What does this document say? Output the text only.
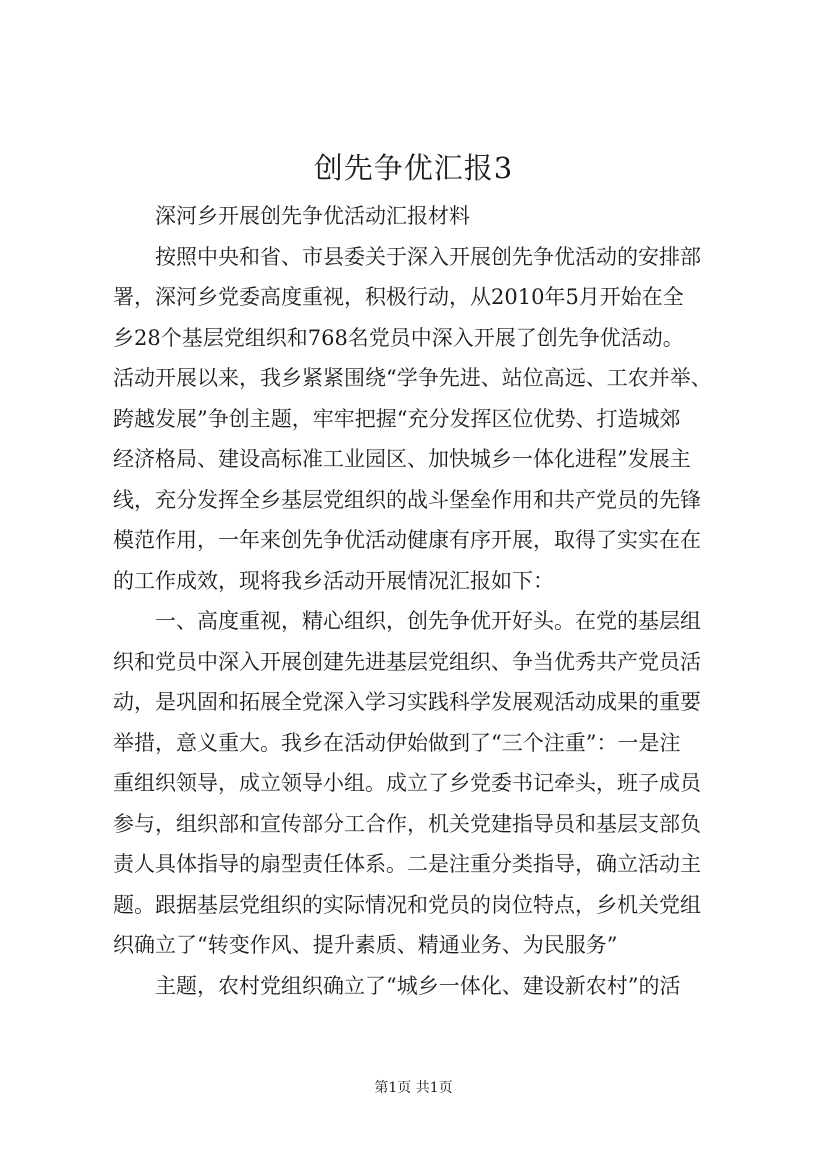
创先争优汇报3
深河乡开展创先争优活动汇报材料
按照中央和省、市县委关于深入开展创先争优活动的安排部
署，深河乡党委高度重视，积极行动，从2010年5月开始在全
乡28个基层党组织和768名党员中深入开展了创先争优活动。
活动开展以来，我乡紧紧围绕“学争先进、站位高远、工农并举、
跨越发展”争创主题，牢牢把握“充分发挥区位优势、打造城郊
经济格局、建设高标准工业园区、加快城乡一体化进程”发展主
线，充分发挥全乡基层党组织的战斗堡垒作用和共产党员的先锋
模范作用，一年来创先争优活动健康有序开展，取得了实实在在
的工作成效，现将我乡活动开展情况汇报如下：
一、高度重视，精心组织，创先争优开好头。在党的基层组
织和党员中深入开展创建先进基层党组织、争当优秀共产党员活
动，是巩固和拓展全党深入学习实践科学发展观活动成果的重要
举措，意义重大。我乡在活动伊始做到了“三个注重”：一是注
重组织领导，成立领导小组。成立了乡党委书记牵头，班子成员
参与，组织部和宣传部分工合作，机关党建指导员和基层支部负
责人具体指导的扇型责任体系。二是注重分类指导，确立活动主
题。跟据基层党组织的实际情况和党员的岗位特点，乡机关党组
织确立了“转变作风、提升素质、精通业务、为民服务”
主题，农村党组织确立了“城乡一体化、建设新农村”的活
第1页 共1页
